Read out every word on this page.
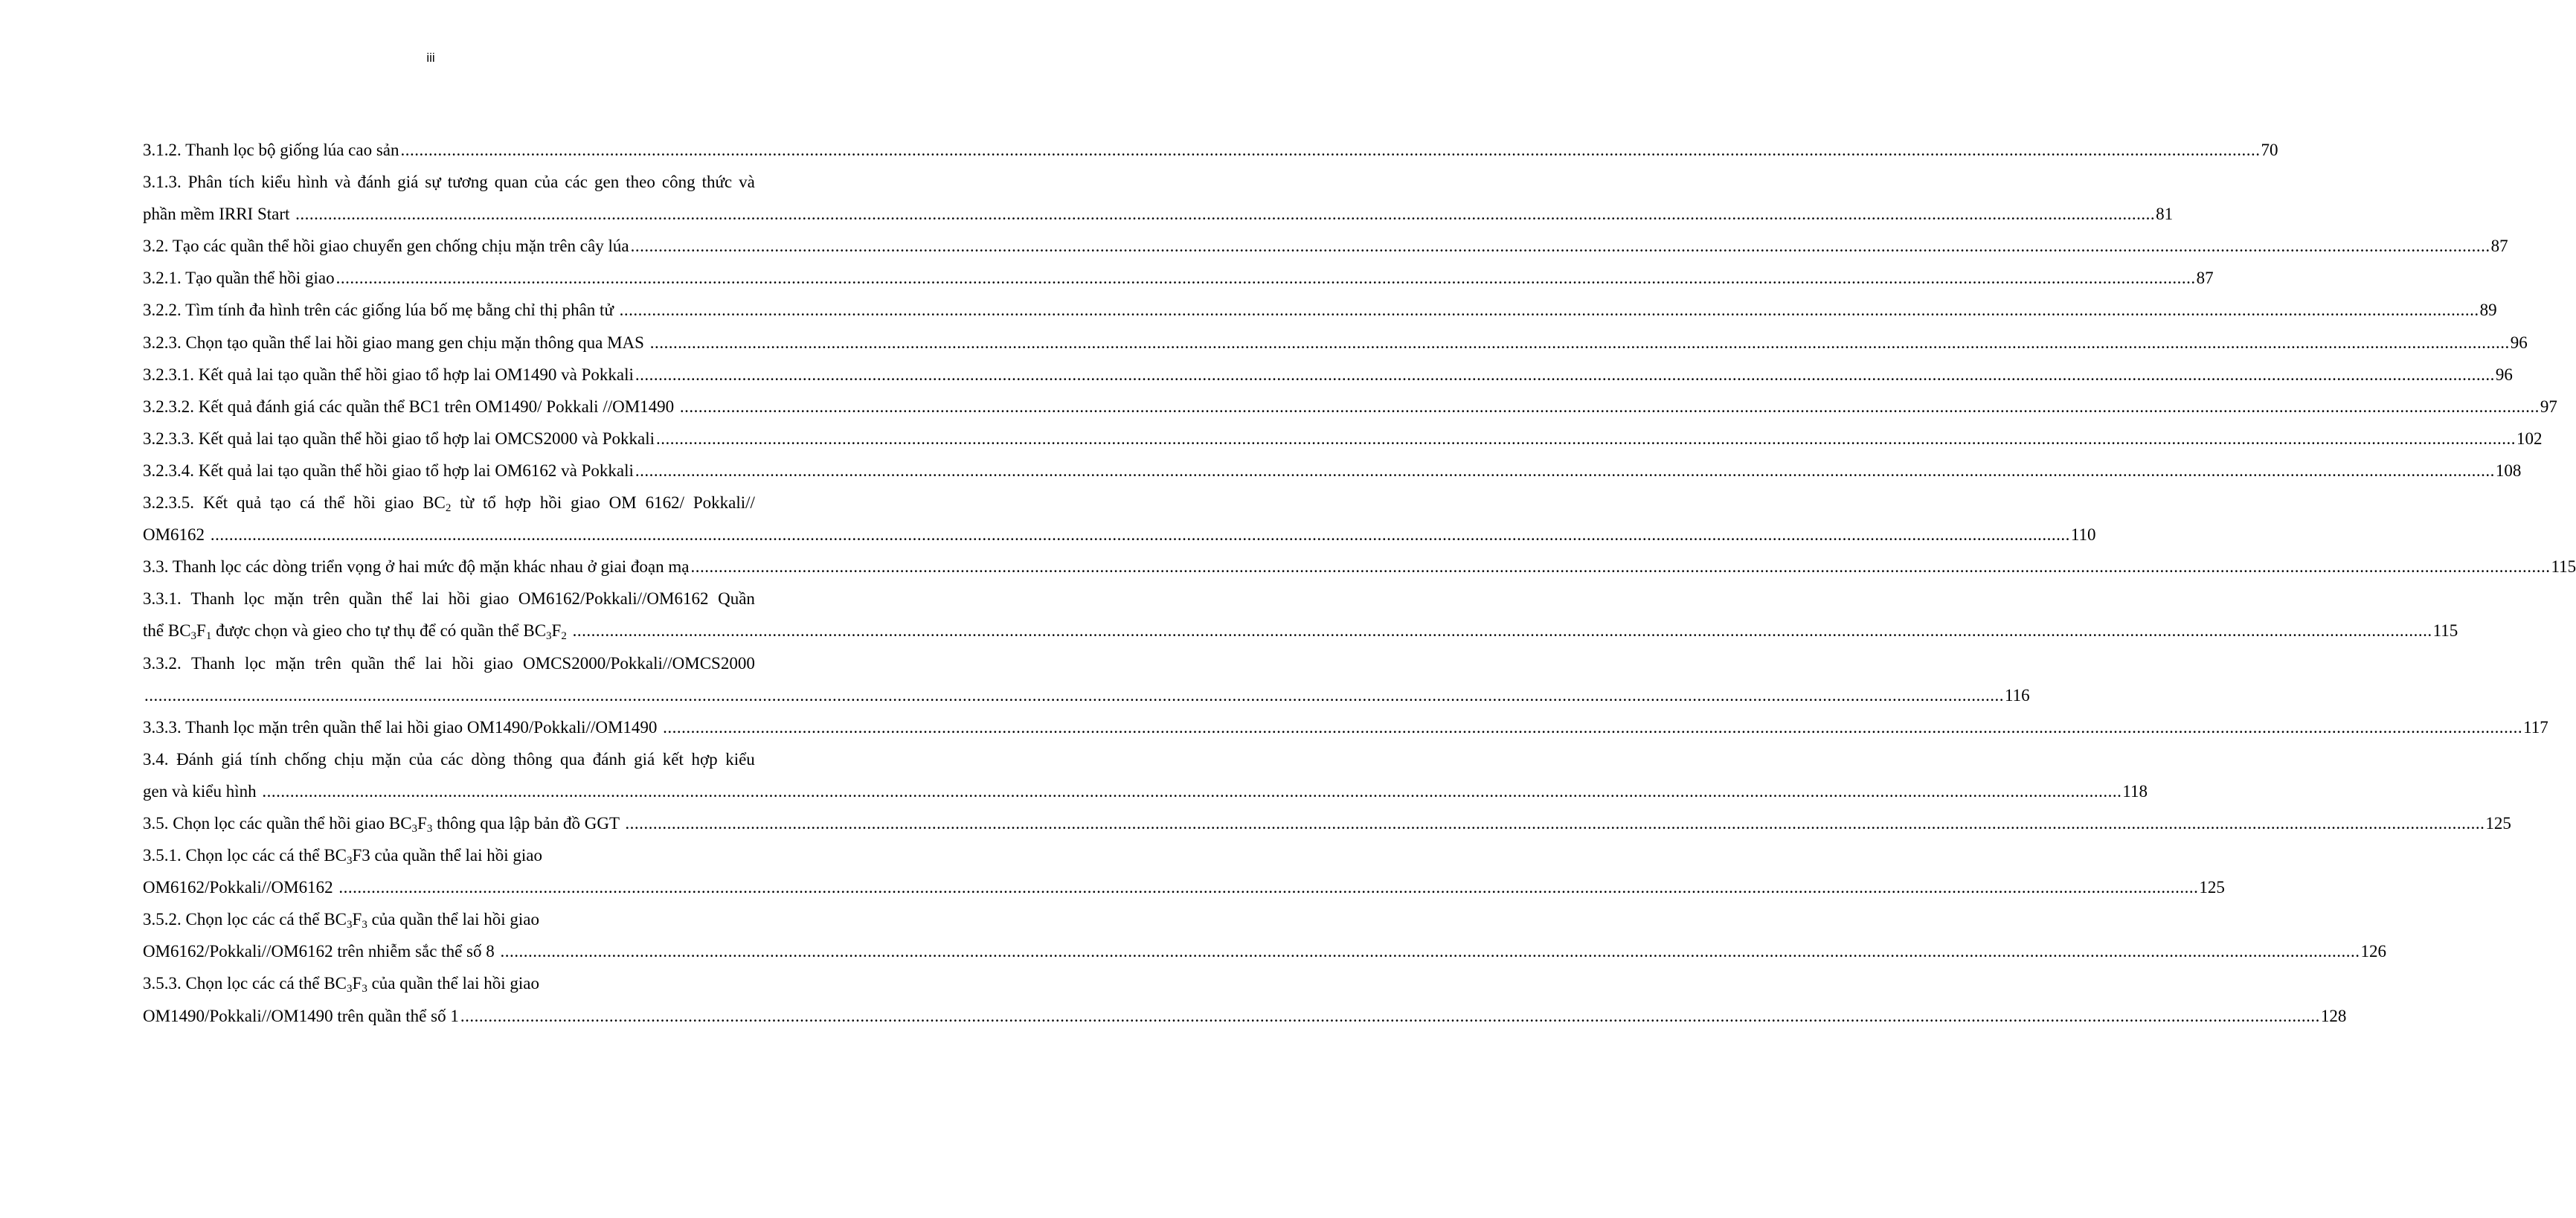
iii
3.1.2. Thanh lọc bộ giống lúa cao sản ................................................................................................................................................................................................................................................................................................................................................................................................................ 70
3.1.3. Phân tích kiểu hình và đánh giá sự tương quan của các gen theo công thức và
phần mềm IRRI Start ................................................................................................................................................................................................................................................................................................................................................................................................................ 81
3.2. Tạo các quần thể hồi giao chuyển gen chống chịu mặn trên cây lúa ................................................................................................................................................................................................................................................................................................................................................................................................................ 87
3.2.1. Tạo quần thể hồi giao ................................................................................................................................................................................................................................................................................................................................................................................................................ 87
3.2.2. Tìm tính đa hình trên các giống lúa bố mẹ bằng chỉ thị phân tử ................................................................................................................................................................................................................................................................................................................................................................................................................ 89
3.2.3. Chọn tạo quần thể lai hồi giao mang gen chịu mặn thông qua MAS ................................................................................................................................................................................................................................................................................................................................................................................................................ 96
3.2.3.1. Kết quả lai tạo quần thể hồi giao tổ hợp lai OM1490 và Pokkali ................................................................................................................................................................................................................................................................................................................................................................................................................ 96
3.2.3.2. Kết quả đánh giá các quần thể BC1 trên OM1490/ Pokkali //OM1490 ................................................................................................................................................................................................................................................................................................................................................................................................................ 97
3.2.3.3. Kết quả lai tạo quần thể hồi giao tổ hợp lai OMCS2000 và Pokkali ................................................................................................................................................................................................................................................................................................................................................................................................................ 102
3.2.3.4. Kết quả lai tạo quần thể hồi giao tổ hợp lai OM6162 và Pokkali ................................................................................................................................................................................................................................................................................................................................................................................................................ 108
3.2.3.5. Kết quả tạo cá thể hồi giao $BC_2$ từ tổ hợp hồi giao OM 6162/ Pokkali//
OM6162 ................................................................................................................................................................................................................................................................................................................................................................................................................ 110
3.3. Thanh lọc các dòng triển vọng ở hai mức độ mặn khác nhau ở giai đoạn mạ ................................................................................................................................................................................................................................................................................................................................................................................................................ 115
3.3.1. Thanh lọc mặn trên quần thể lai hồi giao OM6162/Pokkali//OM6162 Quần
thể $BC_3F_1$ được chọn và gieo cho tự thụ để có quần thể $BC_3F_2$ ................................................................................................................................................................................................................................................................................................................................................................................................................ 115
3.3.2. Thanh lọc mặn trên quần thể lai hồi giao OMCS2000/Pokkali//OMCS2000
................................................................................................................................................................................................................................................................................................................................................................................................................ 116
3.3.3. Thanh lọc mặn trên quần thể lai hồi giao OM1490/Pokkali//OM1490 ................................................................................................................................................................................................................................................................................................................................................................................................................ 117
3.4. Đánh giá tính chống chịu mặn của các dòng thông qua đánh giá kết hợp kiểu
gen và kiểu hình ................................................................................................................................................................................................................................................................................................................................................................................................................ 118
3.5. Chọn lọc các quần thể hồi giao $BC_3F_3$ thông qua lập bản đồ GGT ................................................................................................................................................................................................................................................................................................................................................................................................................ 125
3.5.1. Chọn lọc các cá thể $BC_3F3$ của quần thể lai hồi giao
OM6162/Pokkali//OM6162 ................................................................................................................................................................................................................................................................................................................................................................................................................ 125
3.5.2. Chọn lọc các cá thể $BC_3F_3$ của quần thể lai hồi giao
OM6162/Pokkali//OM6162 trên nhiễm sắc thể số 8 ................................................................................................................................................................................................................................................................................................................................................................................................................ 126
3.5.3. Chọn lọc các cá thể $BC_3F_3$ của quần thể lai hồi giao
OM1490/Pokkali//OM1490 trên quần thể số 1 ................................................................................................................................................................................................................................................................................................................................................................................................................ 128
